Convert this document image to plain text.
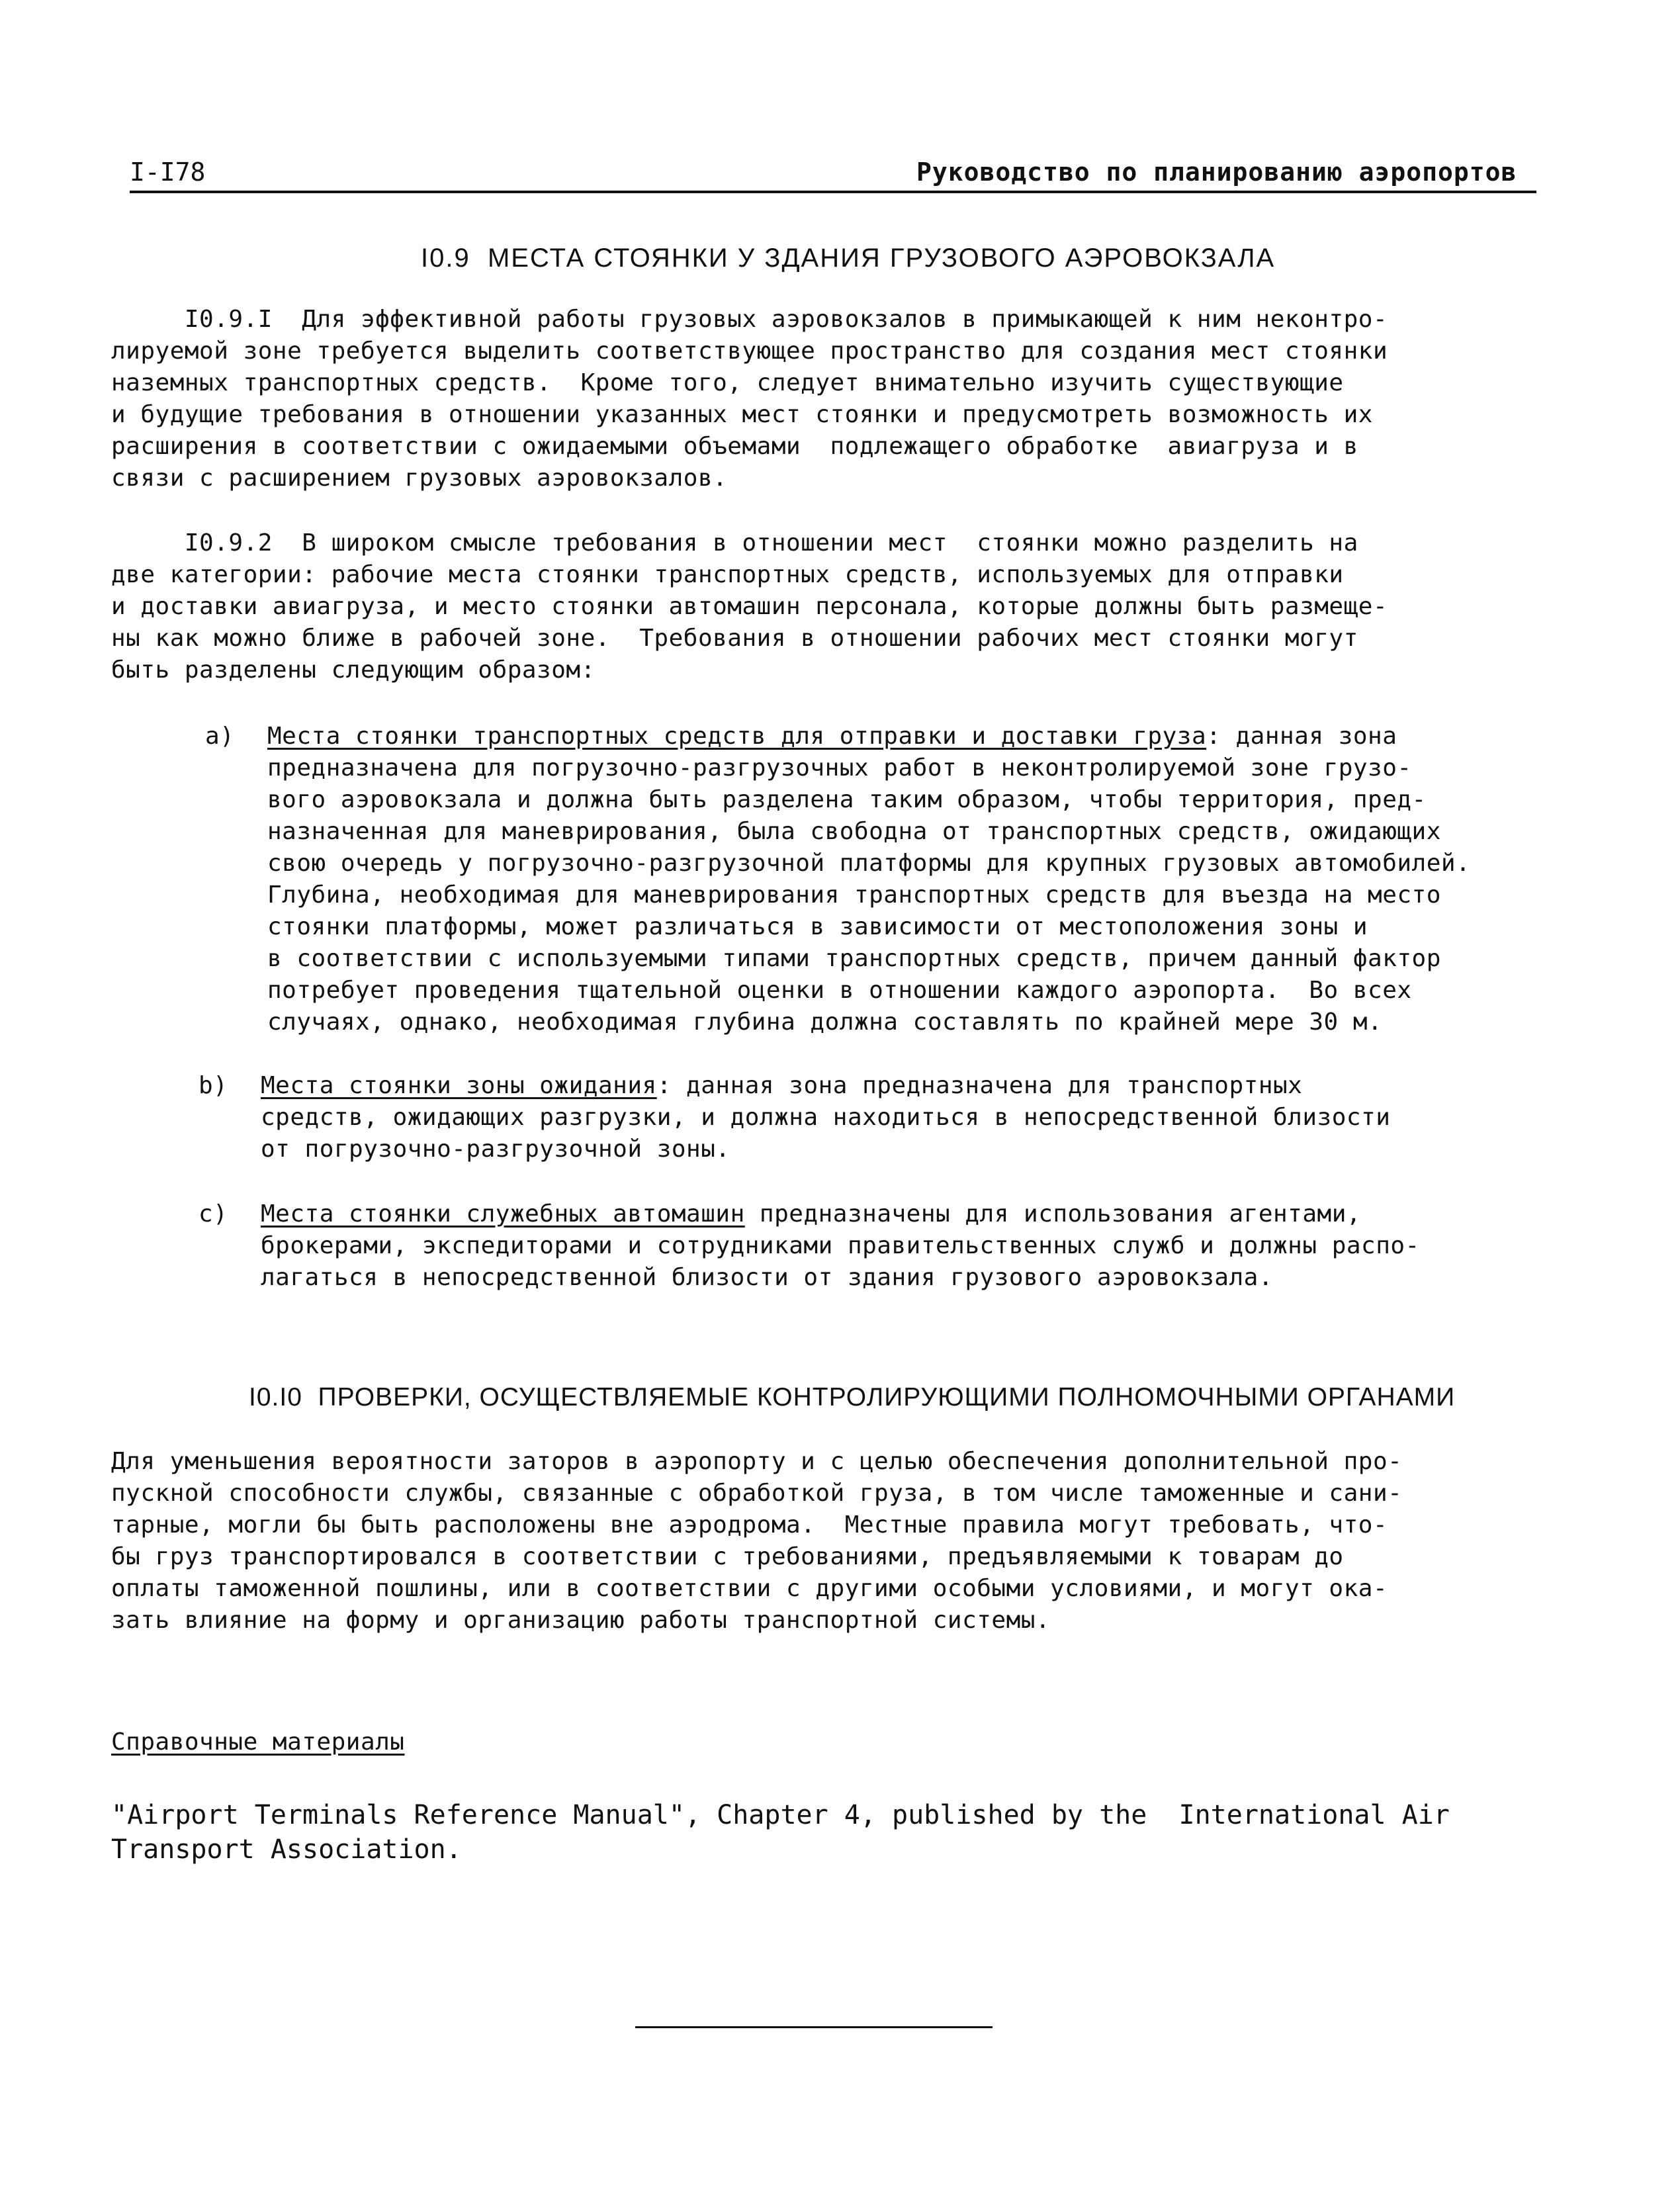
I-I78	Руководство по планированию аэропортов
I0.9  МЕСТА СТОЯНКИ У ЗДАНИЯ ГРУЗОВОГО АЭРОВОКЗАЛА
I0.9.I  Для эффективной работы грузовых аэровокзалов в примыкающей к ним неконтро-
лируемой зоне требуется выделить соответствующее пространство для создания мест стоянки
наземных транспортных средств.  Кроме того, следует внимательно изучить существующие
и будущие требования в отношении указанных мест стоянки и предусмотреть возможность их
расширения в соответствии с ожидаемыми объемами  подлежащего обработке  авиагруза и в
связи с расширением грузовых аэровокзалов.
I0.9.2  В широком смысле требования в отношении мест  стоянки можно разделить на
две категории: рабочие места стоянки транспортных средств, используемых для отправки
и доставки авиагруза, и место стоянки автомашин персонала, которые должны быть размеще-
ны как можно ближе в рабочей зоне.  Требования в отношении рабочих мест стоянки могут
быть разделены следующим образом:
a) Места стоянки транспортных средств для отправки и доставки груза: данная зона
предназначена для погрузочно-разгрузочных работ в неконтролируемой зоне грузо-
вого аэровокзала и должна быть разделена таким образом, чтобы территория, пред-
назначенная для маневрирования, была свободна от транспортных средств, ожидающих
свою очередь у погрузочно-разгрузочной платформы для крупных грузовых автомобилей.
Глубина, необходимая для маневрирования транспортных средств для въезда на место
стоянки платформы, может различаться в зависимости от местоположения зоны и
в соответствии с используемыми типами транспортных средств, причем данный фактор
потребует проведения тщательной оценки в отношении каждого аэропорта.  Во всех
случаях, однако, необходимая глубина должна составлять по крайней мере 30 м.
b) Места стоянки зоны ожидания: данная зона предназначена для транспортных
средств, ожидающих разгрузки, и должна находиться в непосредственной близости
от погрузочно-разгрузочной зоны.
c) Места стоянки служебных автомашин предназначены для использования агентами,
брокерами, экспедиторами и сотрудниками правительственных служб и должны распо-
лагаться в непосредственной близости от здания грузового аэровокзала.
I0.I0  ПРОВЕРКИ, ОСУЩЕСТВЛЯЕМЫЕ КОНТРОЛИРУЮЩИМИ ПОЛНОМОЧНЫМИ ОРГАНАМИ
Для уменьшения вероятности заторов в аэропорту и с целью обеспечения дополнительной про-
пускной способности службы, связанные с обработкой груза, в том числе таможенные и сани-
тарные, могли бы быть расположены вне аэродрома.  Местные правила могут требовать, что-
бы груз транспортировался в соответствии с требованиями, предъявляемыми к товарам до
оплаты таможенной пошлины, или в соответствии с другими особыми условиями, и могут ока-
зать влияние на форму и организацию работы транспортной системы.
Справочные материалы
"Airport Terminals Reference Manual", Chapter 4, published by the  International Air
Transport Association.
